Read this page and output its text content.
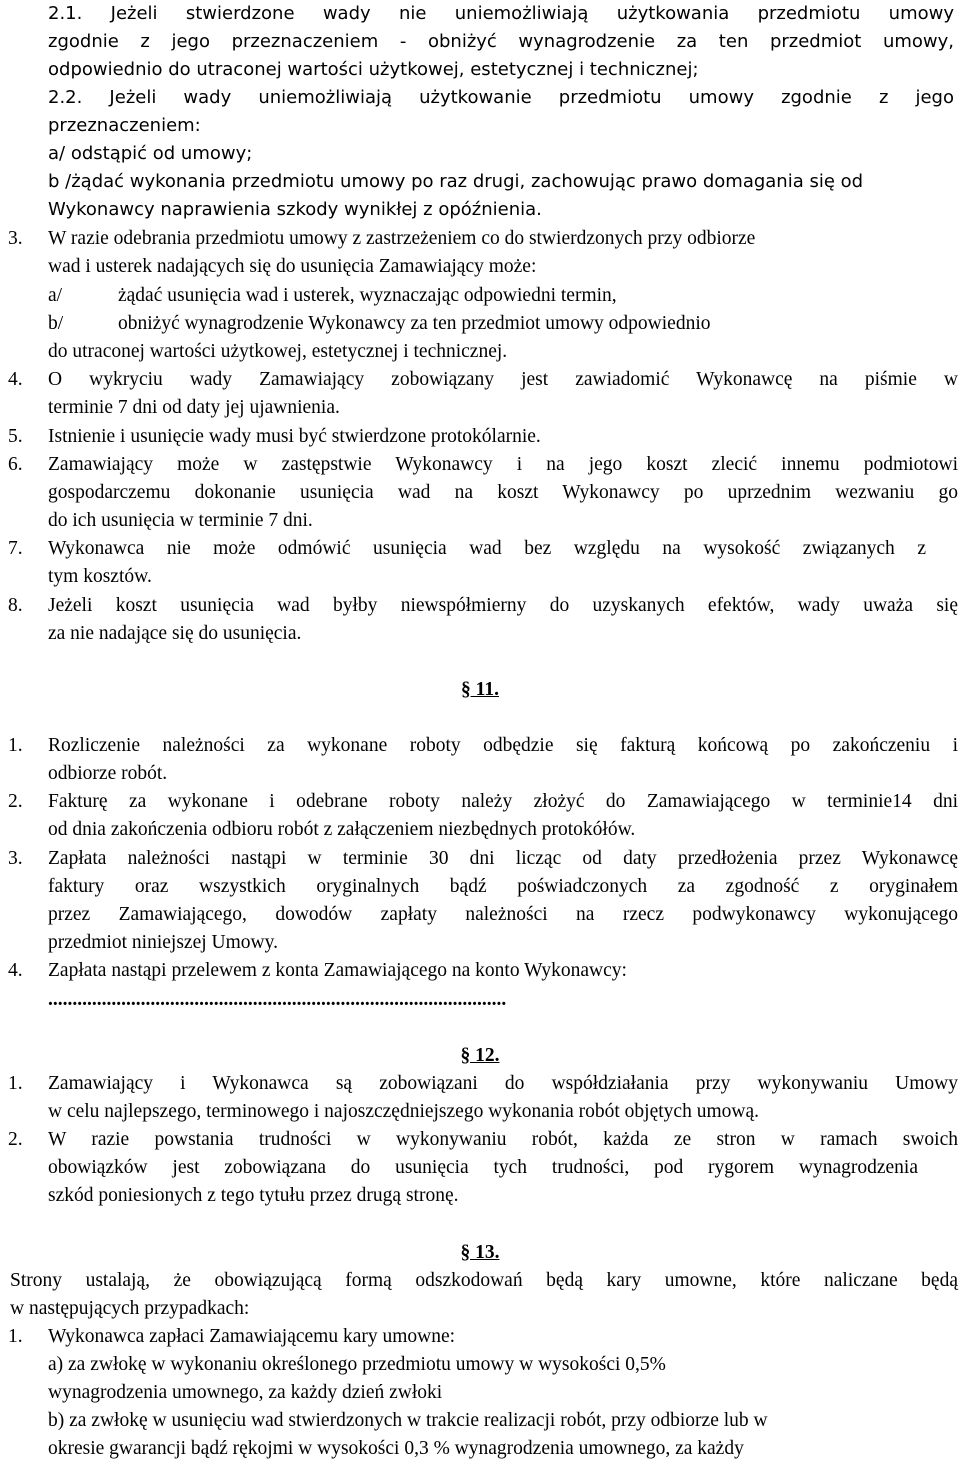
2.1. Jeżeli stwierdzone wady nie uniemożliwiają użytkowania przedmiotu umowy
zgodnie z jego przeznaczeniem - obniżyć wynagrodzenie za ten przedmiot umowy,
odpowiednio do utraconej wartości użytkowej, estetycznej i technicznej;
2.2. Jeżeli wady uniemożliwiają użytkowanie przedmiotu umowy zgodnie z jego
przeznaczeniem:
a/ odstąpić od umowy;
b /żądać wykonania przedmiotu umowy po raz drugi, zachowując prawo domagania się od
Wykonawcy naprawienia szkody wynikłej z opóźnienia.
3. W razie odebrania przedmiotu umowy z zastrzeżeniem co do stwierdzonych przy odbiorze
wad i usterek nadających się do usunięcia Zamawiający może:
a/	żądać usunięcia wad i usterek, wyznaczając odpowiedni termin,
b/	obniżyć wynagrodzenie Wykonawcy za ten przedmiot umowy odpowiednio
do utraconej wartości użytkowej, estetycznej i technicznej.
4. O wykryciu wady Zamawiający zobowiązany jest zawiadomić Wykonawcę na piśmie w
terminie 7 dni od daty jej ujawnienia.
5. Istnienie i usunięcie wady musi być stwierdzone protokólarnie.
6. Zamawiający może w zastępstwie Wykonawcy i na jego koszt zlecić innemu podmiotowi
gospodarczemu dokonanie usunięcia wad na koszt Wykonawcy po uprzednim wezwaniu go
do ich usunięcia w terminie 7 dni.
7. Wykonawca nie może odmówić usunięcia wad bez względu na wysokość związanych z
tym kosztów.
8. Jeżeli koszt usunięcia wad byłby niewspółmierny do uzyskanych efektów, wady uważa się
za nie nadające się do usunięcia.
§ 11.
1. Rozliczenie należności za wykonane roboty odbędzie się fakturą końcową po zakończeniu i
odbiorze robót.
2. Fakturę za wykonane i odebrane roboty należy złożyć do Zamawiającego w terminie14 dni
od dnia zakończenia odbioru robót z załączeniem niezbędnych protokółów.
3. Zapłata należności nastąpi w terminie 30 dni licząc od daty przedłożenia przez Wykonawcę
faktury oraz wszystkich oryginalnych bądź poświadczonych za zgodność z oryginałem
przez Zamawiającego, dowodów zapłaty należności na rzecz podwykonawcy wykonującego
przedmiot niniejszej Umowy.
4. Zapłata nastąpi przelewem z konta Zamawiającego na konto Wykonawcy:
..............................................................................................
§ 12.
1. Zamawiający i Wykonawca są zobowiązani do współdziałania przy wykonywaniu Umowy
w celu najlepszego, terminowego i najoszczędniejszego wykonania robót objętych umową.
2. W razie powstania trudności w wykonywaniu robót, każda ze stron w ramach swoich
obowiązków jest zobowiązana do usunięcia tych trudności, pod rygorem wynagrodzenia
szkód poniesionych z tego tytułu przez drugą stronę.
§ 13.
Strony ustalają, że obowiązującą formą odszkodowań będą kary umowne, które naliczane będą
w następujących przypadkach:
1. Wykonawca zapłaci Zamawiającemu kary umowne:
a) za zwłokę w wykonaniu określonego przedmiotu umowy w wysokości 0,5%
wynagrodzenia umownego, za każdy dzień zwłoki
b) za zwłokę w usunięciu wad stwierdzonych w trakcie realizacji robót, przy odbiorze lub w
okresie gwarancji bądź rękojmi w wysokości 0,3 % wynagrodzenia umownego, za każdy
